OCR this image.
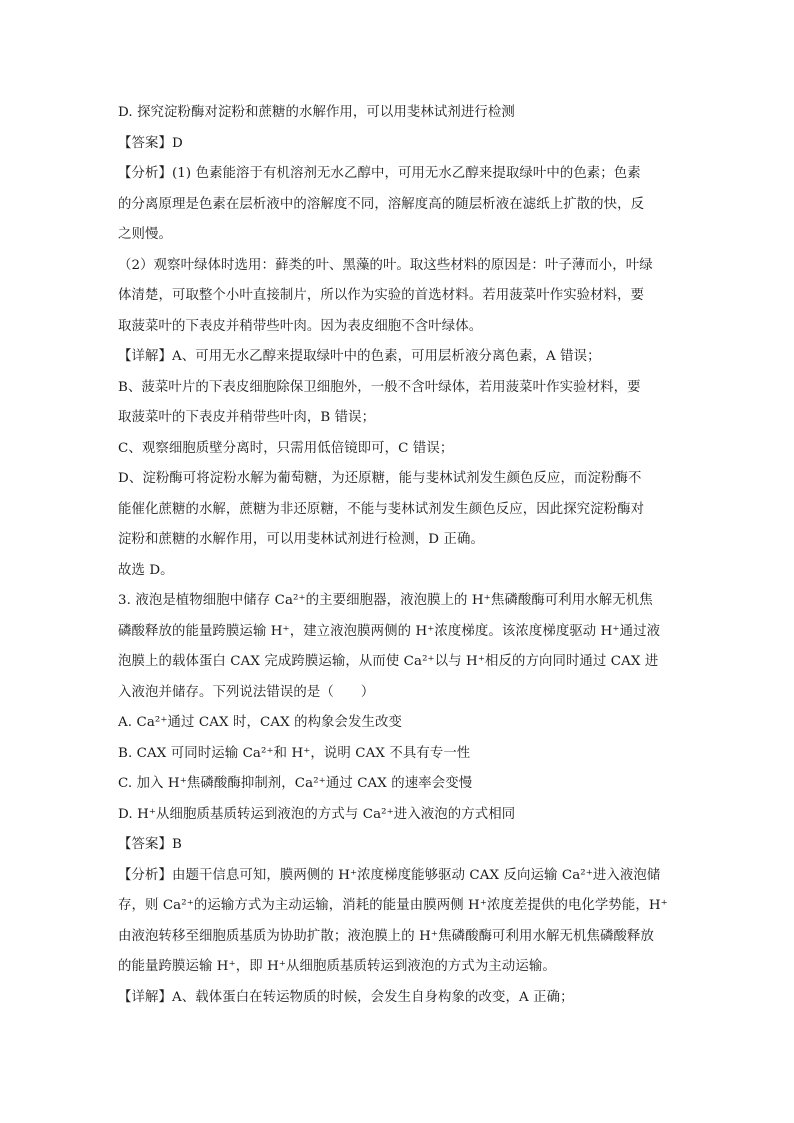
D. 探究淀粉酶对淀粉和蔗糖的水解作用，可以用斐林试剂进行检测

【答案】D

【分析】(1) 色素能溶于有机溶剂无水乙醇中，可用无水乙醇来提取绿叶中的色素；色素

的分离原理是色素在层析液中的溶解度不同，溶解度高的随层析液在滤纸上扩散的快，反

之则慢。

（2）观察叶绿体时选用：藓类的叶、黑藻的叶。取这些材料的原因是：叶子薄而小，叶绿

体清楚，可取整个小叶直接制片，所以作为实验的首选材料。若用菠菜叶作实验材料，要

取菠菜叶的下表皮并稍带些叶肉。因为表皮细胞不含叶绿体。

【详解】A、可用无水乙醇来提取绿叶中的色素，可用层析液分离色素，A 错误；

B、菠菜叶片的下表皮细胞除保卫细胞外，一般不含叶绿体，若用菠菜叶作实验材料，要

取菠菜叶的下表皮并稍带些叶肉，B 错误；

C、观察细胞质壁分离时，只需用低倍镜即可，C 错误；

D、淀粉酶可将淀粉水解为葡萄糖，为还原糖，能与斐林试剂发生颜色反应，而淀粉酶不

能催化蔗糖的水解，蔗糖为非还原糖，不能与斐林试剂发生颜色反应，因此探究淀粉酶对

淀粉和蔗糖的水解作用，可以用斐林试剂进行检测，D 正确。

故选 D。

3. 液泡是植物细胞中储存 Ca²⁺的主要细胞器，液泡膜上的 H⁺焦磷酸酶可利用水解无机焦

磷酸释放的能量跨膜运输 H⁺，建立液泡膜两侧的 H⁺浓度梯度。该浓度梯度驱动 H⁺通过液

泡膜上的载体蛋白 CAX 完成跨膜运输，从而使 Ca²⁺以与 H⁺相反的方向同时通过 CAX 进

入液泡并储存。下列说法错误的是（　　）

A. Ca²⁺通过 CAX 时，CAX 的构象会发生改变

B. CAX 可同时运输 Ca²⁺和 H⁺，说明 CAX 不具有专一性

C. 加入 H⁺焦磷酸酶抑制剂，Ca²⁺通过 CAX 的速率会变慢

D. H⁺从细胞质基质转运到液泡的方式与 Ca²⁺进入液泡的方式相同

【答案】B

【分析】由题干信息可知，膜两侧的 H⁺浓度梯度能够驱动 CAX 反向运输 Ca²⁺进入液泡储

存，则 Ca²⁺的运输方式为主动运输，消耗的能量由膜两侧 H⁺浓度差提供的电化学势能，H⁺

由液泡转移至细胞质基质为协助扩散；液泡膜上的 H⁺焦磷酸酶可利用水解无机焦磷酸释放

的能量跨膜运输 H⁺，即 H⁺从细胞质基质转运到液泡的方式为主动运输。

【详解】A、载体蛋白在转运物质的时候，会发生自身构象的改变，A 正确；
